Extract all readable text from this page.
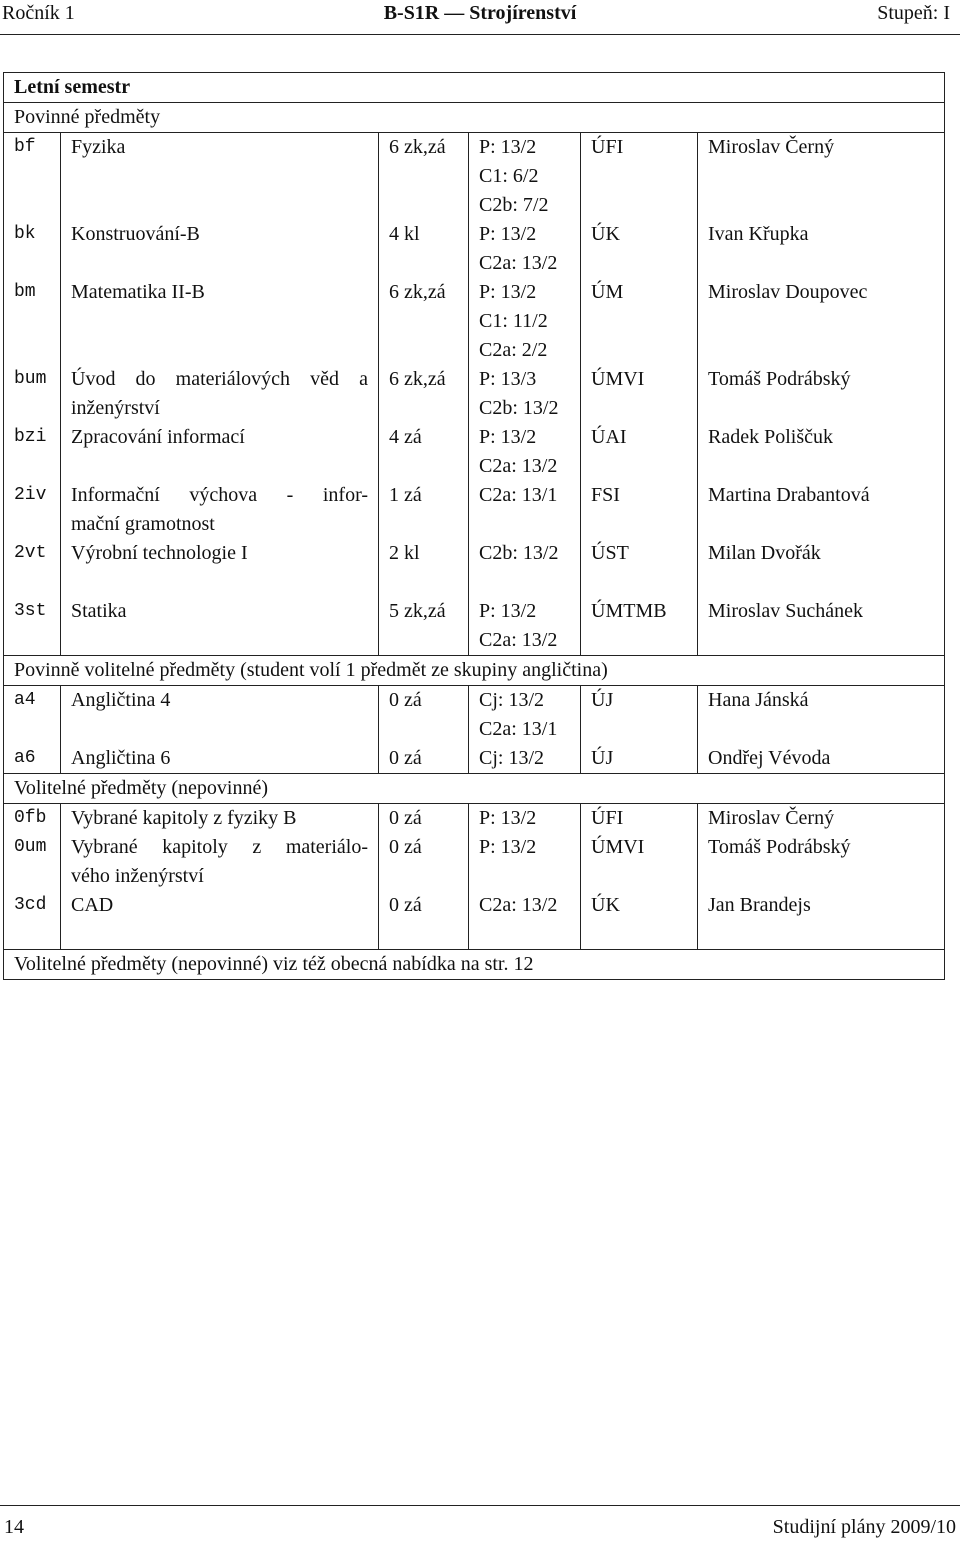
Ročník 1	B-S1R — Strojírenství	Stupeň: I
Letní semestr					
Povinné předměty					
bf	Fyzika	6 zk,zá	P: 13/2
C1: 6/2
C2b: 7/2	ÚFI	Miroslav Černý
bk	Konstruování-B	4 kl	P: 13/2
C2a: 13/2	ÚK	Ivan Křupka
bm	Matematika II-B	6 zk,zá	P: 13/2
C1: 11/2
C2a: 2/2	ÚM	Miroslav Doupovec
bum	Úvod do materiálových věd a
inženýrství	6 zk,zá	P: 13/3
C2b: 13/2	ÚMVI	Tomáš Podrábský
bzi	Zpracování informací	4 zá	P: 13/2
C2a: 13/2	ÚAI	Radek Poliščuk
2iv	Informační výchova - infor-
mační gramotnost	1 zá	C2a: 13/1	FSI	Martina Drabantová
2vt	Výrobní technologie I	2 kl	C2b: 13/2	ÚST	Milan Dvořák

3st	Statika	5 zk,zá	P: 13/2
C2a: 13/2	ÚMTMB	Miroslav Suchánek
Povinně volitelné předměty (student volí 1 předmět ze skupiny angličtina)					
a4	Angličtina 4	0 zá	Cj: 13/2
C2a: 13/1	ÚJ	Hana Jánská
a6	Angličtina 6	0 zá	Cj: 13/2	ÚJ	Ondřej Vévoda
Volitelné předměty (nepovinné)					
0fb	Vybrané kapitoly z fyziky B	0 zá	P: 13/2	ÚFI	Miroslav Černý
0um	Vybrané kapitoly z materiálo-
vého inženýrství	0 zá	P: 13/2	ÚMVI	Tomáš Podrábský
3cd	CAD	0 zá	C2a: 13/2	ÚK	Jan Brandejs

Volitelné předměty (nepovinné) viz též obecná nabídka na str. 12					
14	Studijní plány 2009/10
